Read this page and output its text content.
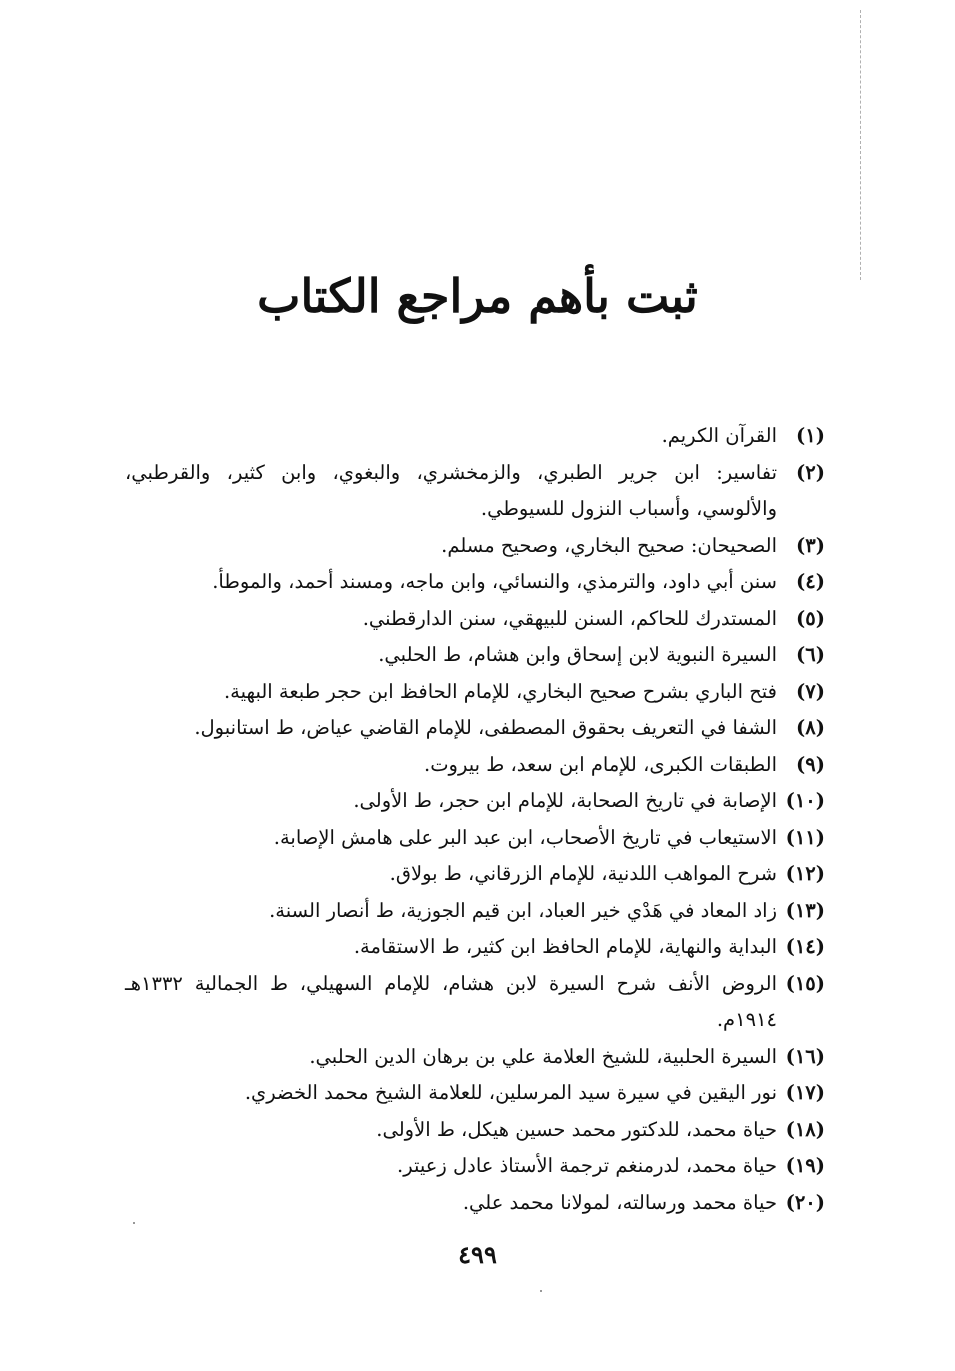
ثبت بأهم مراجع الكتاب
(١)
القرآن الكريم.
(٢)
تفاسير: ابن جرير الطبري، والزمخشري، والبغوي، وابن كثير، والقرطبي، والألوسي، وأسباب النزول للسيوطي.
(٣)
الصحيحان: صحيح البخاري، وصحيح مسلم.
(٤)
سنن أبي داود، والترمذي، والنسائي، وابن ماجه، ومسند أحمد، والموطأ.
(٥)
المستدرك للحاكم، السنن للبيهقي، سنن الدارقطني.
(٦)
السيرة النبوية لابن إسحاق وابن هشام، ط الحلبي.
(٧)
فتح الباري بشرح صحيح البخاري، للإمام الحافظ ابن حجر طبعة البهية.
(٨)
الشفا في التعريف بحقوق المصطفى، للإمام القاضي عياض، ط استانبول.
(٩)
الطبقات الكبرى، للإمام ابن سعد، ط بيروت.
(١٠)
الإصابة في تاريخ الصحابة، للإمام ابن حجر، ط الأولى.
(١١)
الاستيعاب في تاريخ الأصحاب، ابن عبد البر على هامش الإصابة.
(١٢)
شرح المواهب اللدنية، للإمام الزرقاني، ط بولاق.
(١٣)
زاد المعاد في هَدْي خير العباد، ابن قيم الجوزية، ط أنصار السنة.
(١٤)
البداية والنهاية، للإمام الحافظ ابن كثير، ط الاستقامة.
(١٥)
الروض الأنف شرح السيرة لابن هشام، للإمام السهيلي، ط الجمالية ١٣٣٢هـ ١٩١٤م.
(١٦)
السيرة الحلبية، للشيخ العلامة علي بن برهان الدين الحلبي.
(١٧)
نور اليقين في سيرة سيد المرسلين، للعلامة الشيخ محمد الخضري.
(١٨)
حياة محمد، للدكتور محمد حسين هيكل، ط الأولى.
(١٩)
حياة محمد، لدرمنغم ترجمة الأستاذ عادل زعيتر.
(٢٠)
حياة محمد ورسالته، لمولانا محمد علي.
٤٩٩
